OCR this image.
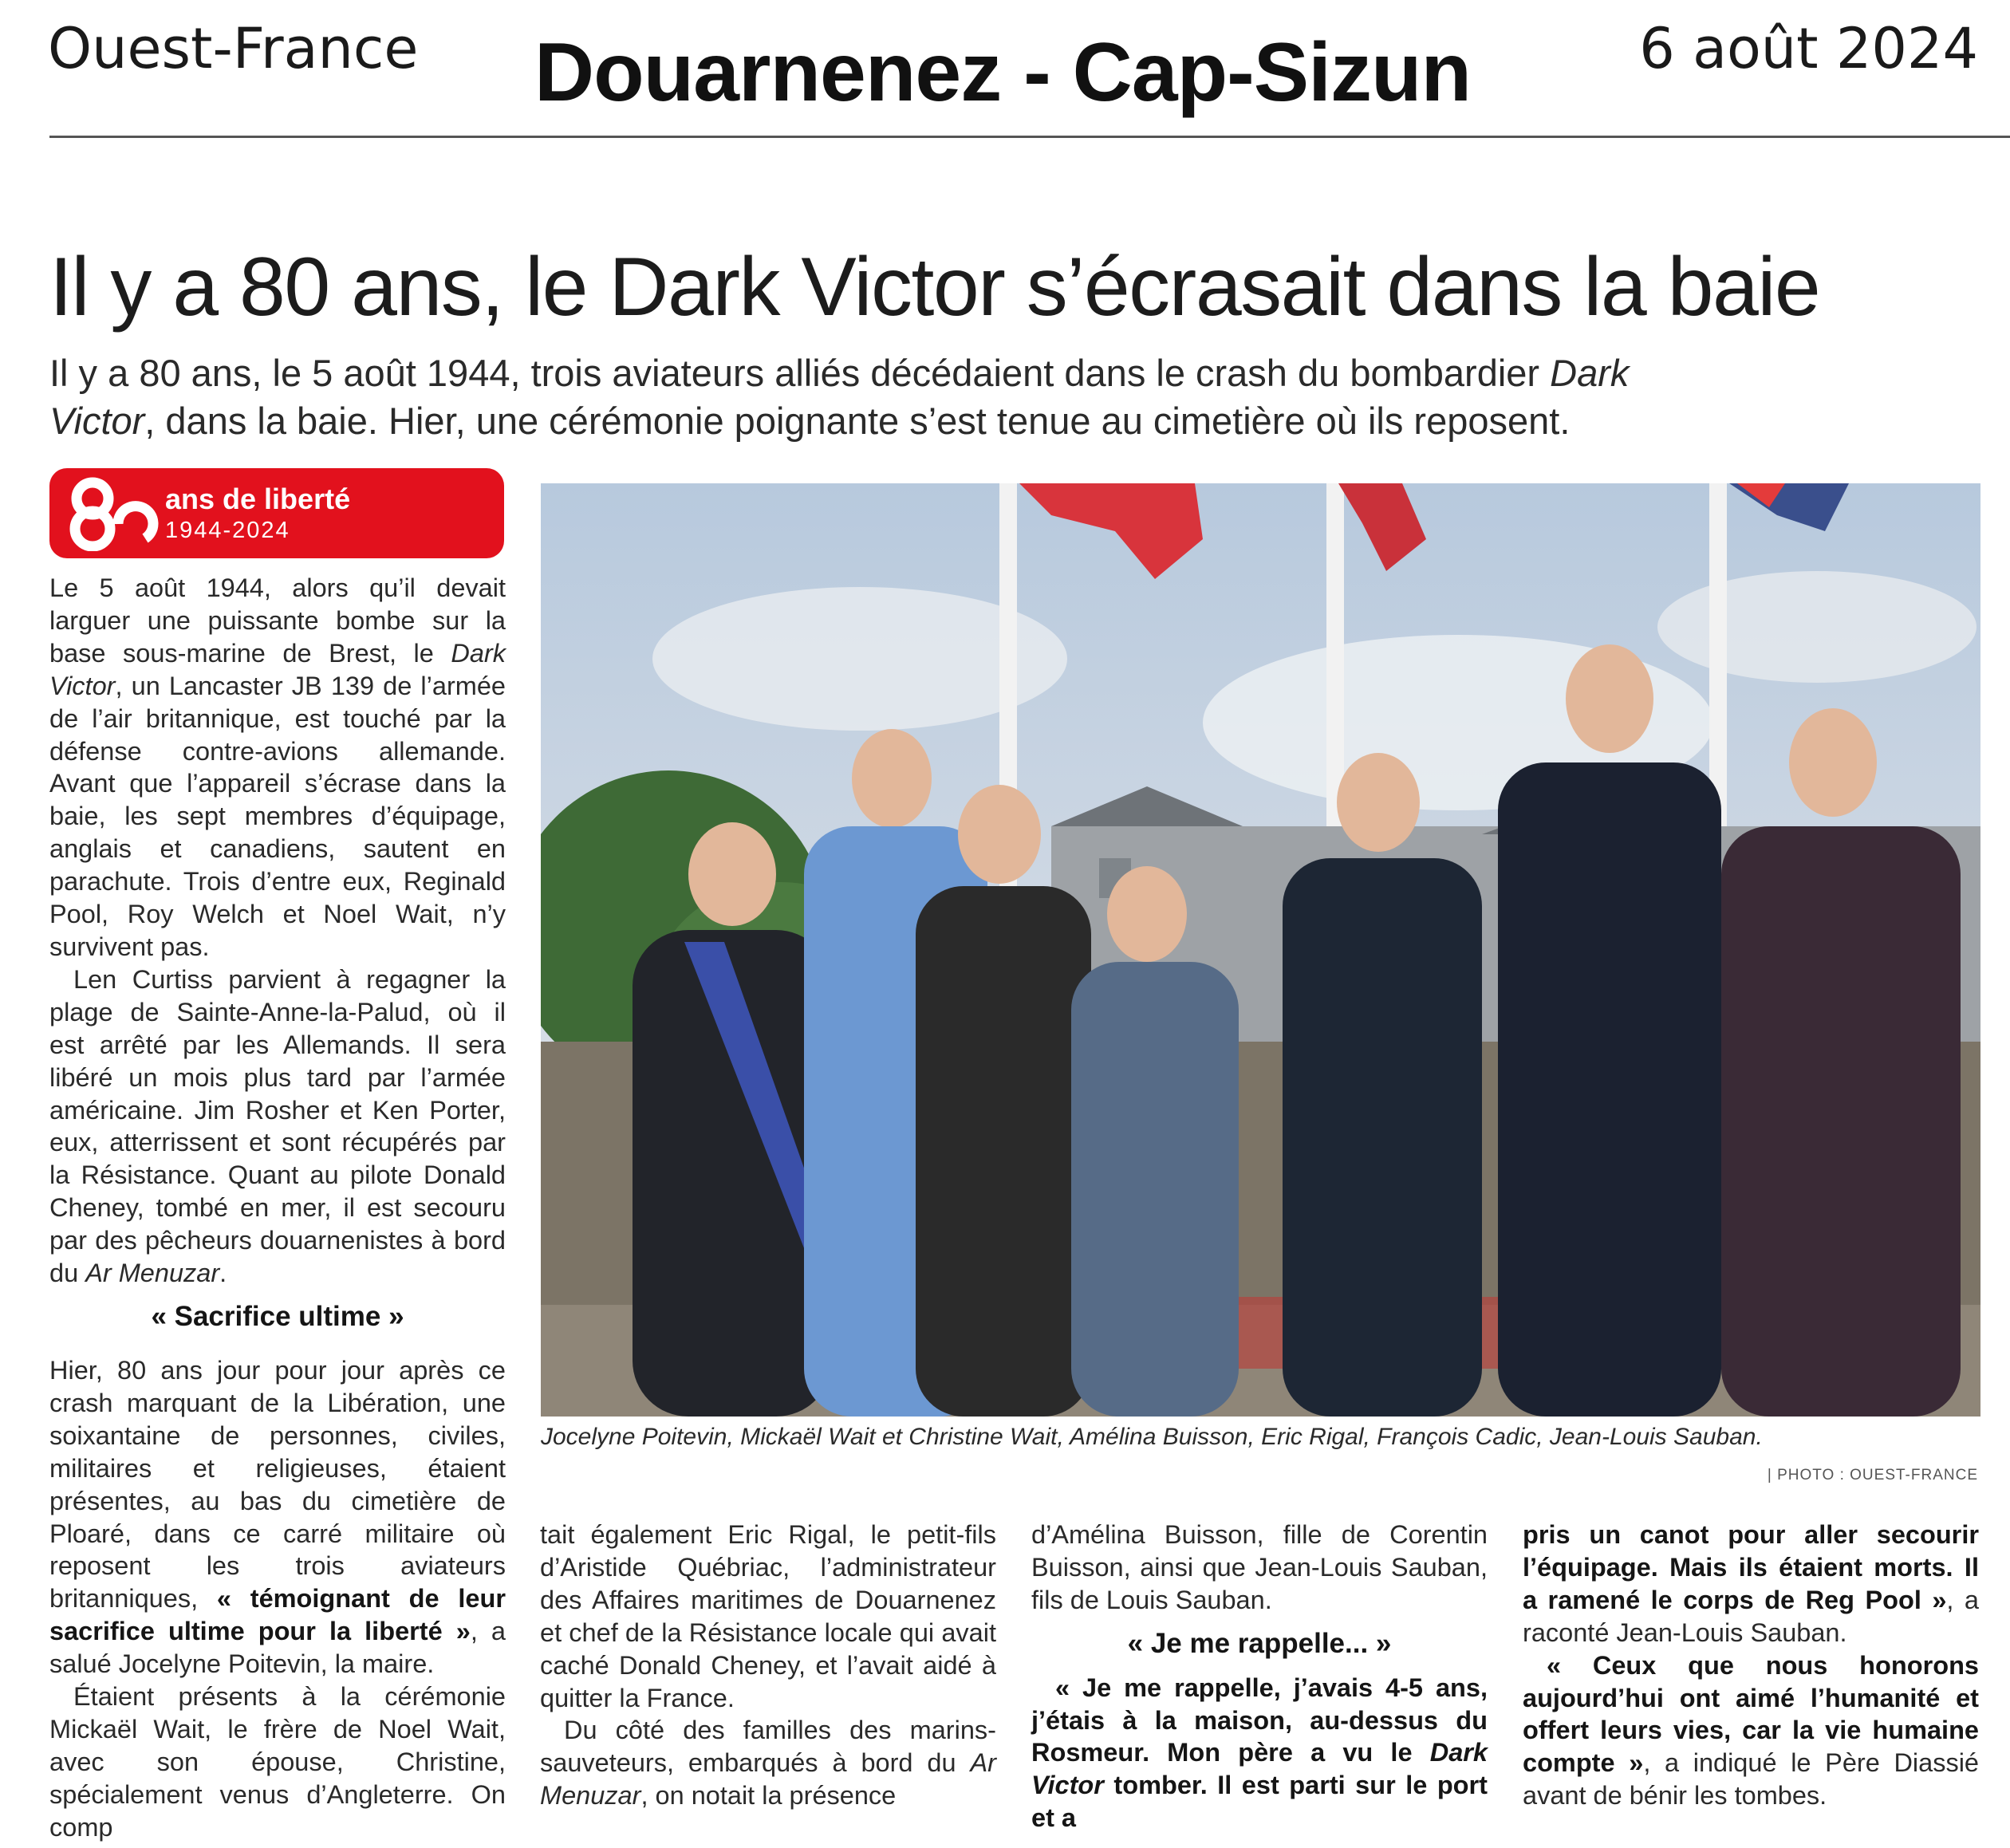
Ouest-France Douarnenez - Cap-Sizun	6 août 2024
Il y a 80 ans, le Dark Victor s’écrasait dans la baie
Il y a 80 ans, le 5 août 1944, trois aviateurs alliés décédaient dans le crash du bombardier Dark Victor, dans la baie. Hier, une cérémonie poignante s’est tenue au cimetière où ils reposent.
ans de liberté
1944-2024

Le 5 août 1944, alors qu’il devait larguer une puissante bombe sur la base sous-marine de Brest, le Dark Victor, un Lancaster JB 139 de l’armée de l’air britannique, est touché par la défense contre-avions allemande. Avant que l’appareil s’écrase dans la baie, les sept membres d’équipage, anglais et canadiens, sautent en parachute. Trois d’entre eux, Reginald Pool, Roy Welch et Noel Wait, n’y survivent pas.

Len Curtiss parvient à regagner la plage de Sainte-Anne-la-Palud, où il est arrêté par les Allemands. Il sera libéré un mois plus tard par l’armée américaine. Jim Rosher et Ken Porter, eux, atterrissent et sont récupérés par la Résistance. Quant au pilote Donald Cheney, tombé en mer, il est secouru par des pêcheurs douarnenistes à bord du Ar Menuzar.

« Sacrifice ultime »

Hier, 80 ans jour pour jour après ce crash marquant de la Libération, une soixantaine de personnes, civiles, militaires et religieuses, étaient présentes, au bas du cimetière de Ploaré, dans ce carré militaire où reposent les trois aviateurs britanniques, « témoignant de leur sacrifice ultime pour la liberté », a salué Jocelyne Poitevin, la maire.

Étaient présents à la cérémonie Mickaël Wait, le frère de Noel Wait, avec son épouse, Christine, spécialement venus d’Angleterre. On comp

Jocelyne Poitevin, Mickaël Wait et Christine Wait, Amélina Buisson, Eric Rigal, François Cadic, Jean-Louis Sauban.
| PHOTO : OUEST-FRANCE

tait également Eric Rigal, le petit-fils d’Aristide Québriac, l’administrateur des Affaires maritimes de Douarnenez et chef de la Résistance locale qui avait caché Donald Cheney, et l’avait aidé à quitter la France.

Du côté des familles des marins-sauveteurs, embarqués à bord du Ar Menuzar, on notait la présence

d’Amélina Buisson, fille de Corentin Buisson, ainsi que Jean-Louis Sauban, fils de Louis Sauban.

« Je me rappelle... »

« Je me rappelle, j’avais 4-5 ans, j’étais à la maison, au-dessus du Rosmeur. Mon père a vu le Dark Victor tomber. Il est parti sur le port et a

pris un canot pour aller secourir l’équipage. Mais ils étaient morts. Il a ramené le corps de Reg Pool », a raconté Jean-Louis Sauban.

« Ceux que nous honorons aujourd’hui ont aimé l’humanité et offert leurs vies, car la vie humaine compte », a indiqué le Père Diassié avant de bénir les tombes.
